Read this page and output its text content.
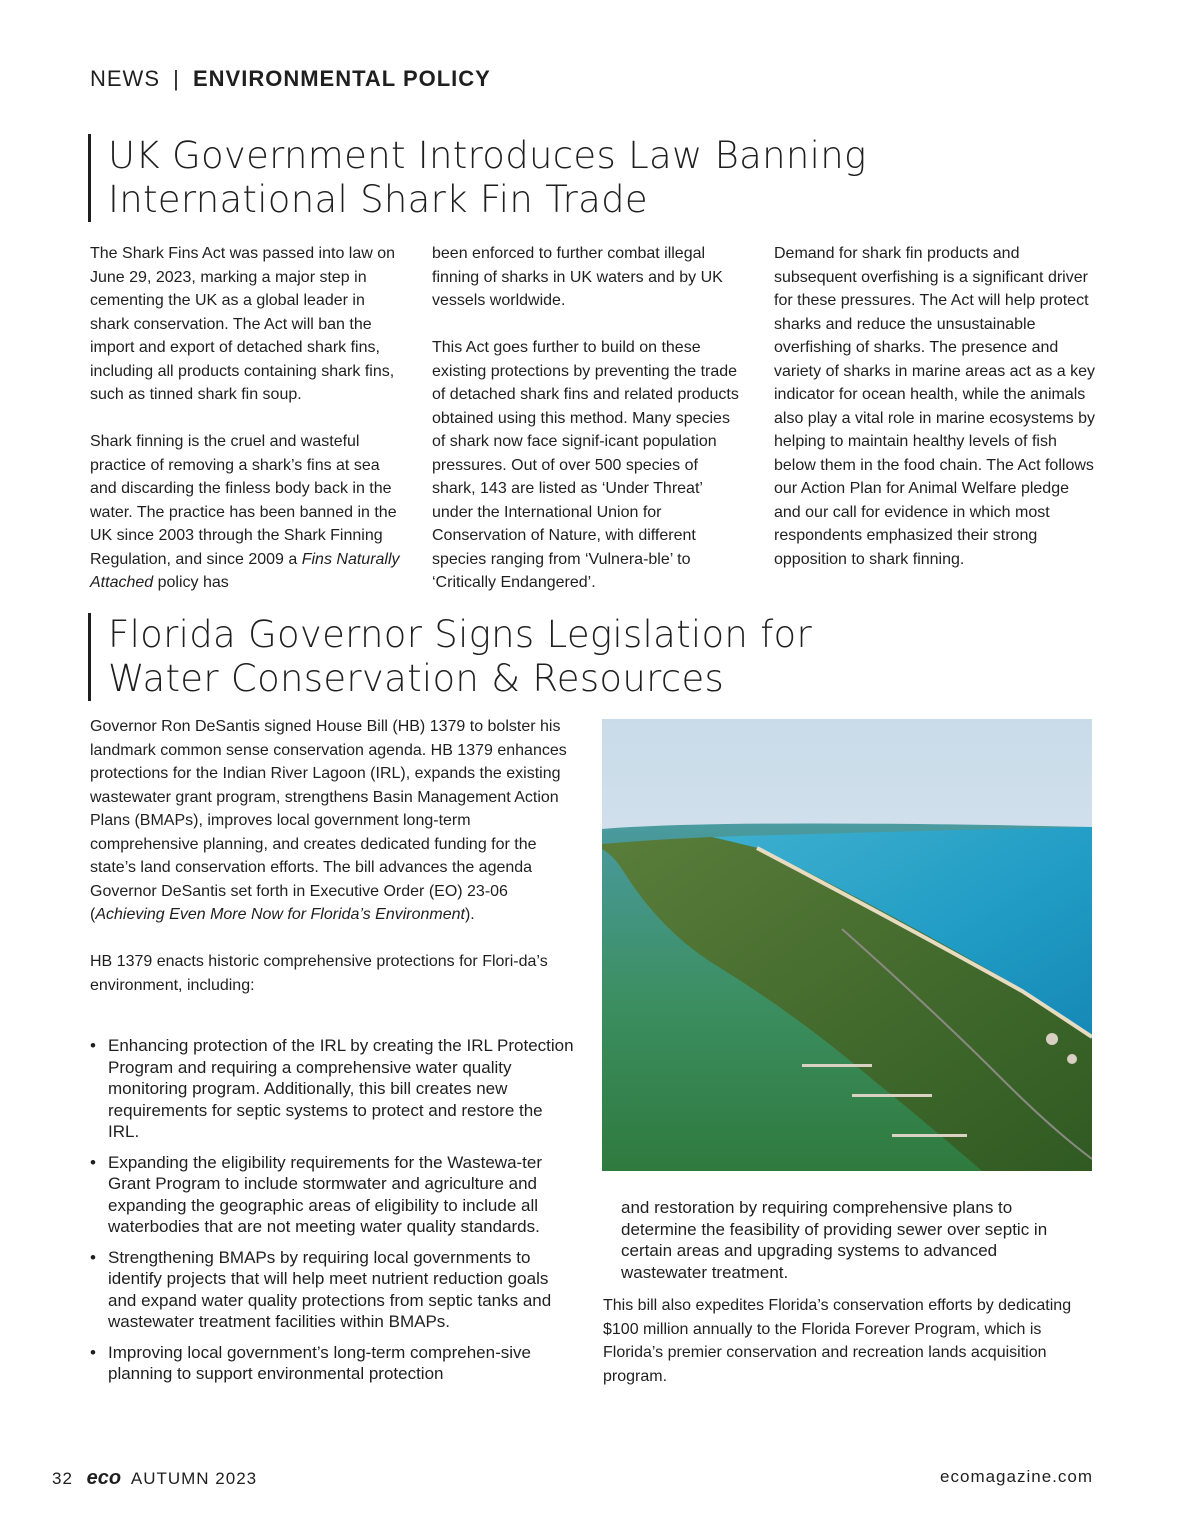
NEWS | ENVIRONMENTAL POLICY
UK Government Introduces Law Banning
International Shark Fin Trade

The Shark Fins Act was passed into law on June 29, 2023, marking a major step in cementing the UK as a global leader in shark conservation. The Act will ban the import and export of detached shark fins, including all products containing shark fins, such as tinned shark fin soup.

Shark finning is the cruel and wasteful practice of removing a shark’s fins at sea and discarding the finless body back in the water. The practice has been banned in the UK since 2003 through the Shark Finning Regulation, and since 2009 a Fins Naturally Attached policy has

been enforced to further combat illegal finning of sharks in UK waters and by UK vessels worldwide.

This Act goes further to build on these existing protections by preventing the trade of detached shark fins and related products obtained using this method. Many species of shark now face signif-icant population pressures. Out of over 500 species of shark, 143 are listed as ‘Under Threat’ under the International Union for Conservation of Nature, with different species ranging from ‘Vulnera-ble’ to ‘Critically Endangered’.

Demand for shark fin products and subsequent overfishing is a significant driver for these pressures. The Act will help protect sharks and reduce the unsustainable overfishing of sharks. The presence and variety of sharks in marine areas act as a key indicator for ocean health, while the animals also play a vital role in marine ecosystems by helping to maintain healthy levels of fish below them in the food chain. The Act follows our Action Plan for Animal Welfare pledge and our call for evidence in which most respondents emphasized their strong opposition to shark finning.

Florida Governor Signs Legislation for
Water Conservation & Resources

Governor Ron DeSantis signed House Bill (HB) 1379 to bolster his landmark common sense conservation agenda. HB 1379 enhances protections for the Indian River Lagoon (IRL), expands the existing wastewater grant program, strengthens Basin Management Action Plans (BMAPs), improves local government long-term comprehensive planning, and creates dedicated funding for the state’s land conservation efforts. The bill advances the agenda Governor DeSantis set forth in Executive Order (EO) 23-06 (Achieving Even More Now for Florida’s Environment).

HB 1379 enacts historic comprehensive protections for Flori-da’s environment, including:

• Enhancing protection of the IRL by creating the IRL Protection Program and requiring a comprehensive water quality monitoring program. Additionally, this bill creates new requirements for septic systems to protect and restore the IRL.
• Expanding the eligibility requirements for the Wastewa-ter Grant Program to include stormwater and agriculture and expanding the geographic areas of eligibility to include all waterbodies that are not meeting water quality standards.
• Strengthening BMAPs by requiring local governments to identify projects that will help meet nutrient reduction goals and expand water quality protections from septic tanks and wastewater treatment facilities within BMAPs.
• Improving local government’s long-term comprehen-sive planning to support environmental protection
and restoration by requiring comprehensive plans to determine the feasibility of providing sewer over septic in certain areas and upgrading systems to advanced wastewater treatment.
This bill also expedites Florida’s conservation efforts by dedicating $100 million annually to the Florida Forever Program, which is Florida’s premier conservation and recreation lands acquisition program.
32 eco AUTUMN 2023	ecomagazine.com
